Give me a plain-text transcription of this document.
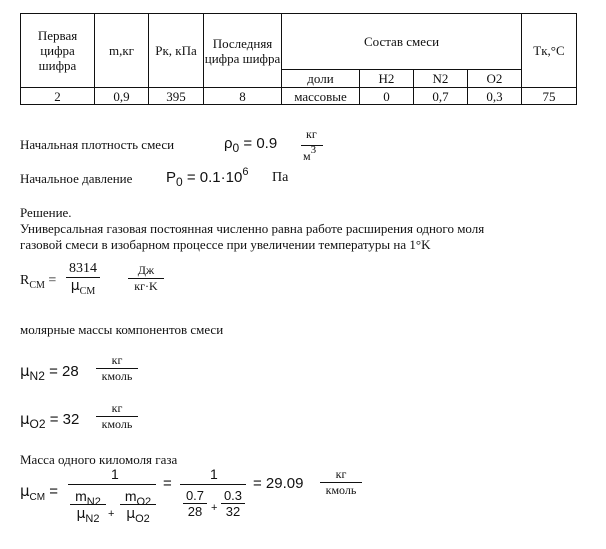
Первая цифра шифра	m,кг	Pк, кПа	Последняя цифра шифра	Состав смеси				Tк,°C
				доли	H2	N2	O2	
2	0,9	395	8	массовые	0	0,7	0,3	75
Начальная плотность смеси	$\rho_0 = 0.9$
кг
м3
Начальное давление $P_0 = 0.1\cdot 10^6$ Па
Решение.
Универсальная газовая постоянная численно равна работе расширения одного моля
газовой смеси в изобарном процессе при увеличении температуры на 1°K
$R_{CM}$ =
8314
$\mu_{CM}$
Дж
кг·K
молярные массы компонентов смеси
$\mu_{N2} = 28$
кг
кмоль
$\mu_{O2} = 32$
кг
кмоль
Масса одного киломоля газа
$\mu_{CM}$ =
1
$m_{N2}$
$\mu_{N2}$ +
$m_{O2}$
$\mu_{O2}$
=
1
0.7
28 +
0.3
32
= 29.09
кг
кмоль
